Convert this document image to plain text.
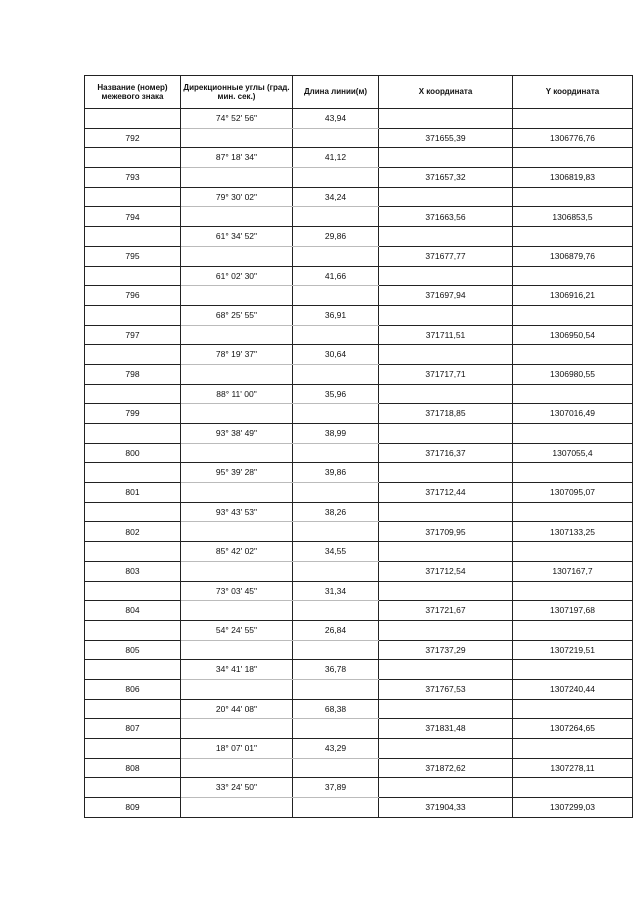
Название (номер) межевого знака	Дирекционные углы (град. мин. сек.)	Длина линии(м)	Х координата	Y координата
	74° 52' 56"	43,94		
792			371655,39	1306776,76
	87° 18' 34"	41,12		
793			371657,32	1306819,83
	79° 30' 02"	34,24		
794			371663,56	1306853,5
	61° 34' 52"	29,86		
795			371677,77	1306879,76
	61° 02' 30"	41,66		
796			371697,94	1306916,21
	68° 25' 55"	36,91		
797			371711,51	1306950,54
	78° 19' 37"	30,64		
798			371717,71	1306980,55
	88° 11' 00"	35,96		
799			371718,85	1307016,49
	93° 38' 49"	38,99		
800			371716,37	1307055,4
	95° 39' 28"	39,86		
801			371712,44	1307095,07
	93° 43' 53"	38,26		
802			371709,95	1307133,25
	85° 42' 02"	34,55		
803			371712,54	1307167,7
	73° 03' 45"	31,34		
804			371721,67	1307197,68
	54° 24' 55"	26,84		
805			371737,29	1307219,51
	34° 41' 18"	36,78		
806			371767,53	1307240,44
	20° 44' 08"	68,38		
807			371831,48	1307264,65
	18° 07' 01"	43,29		
808			371872,62	1307278,11
	33° 24' 50"	37,89		
809			371904,33	1307299,03
